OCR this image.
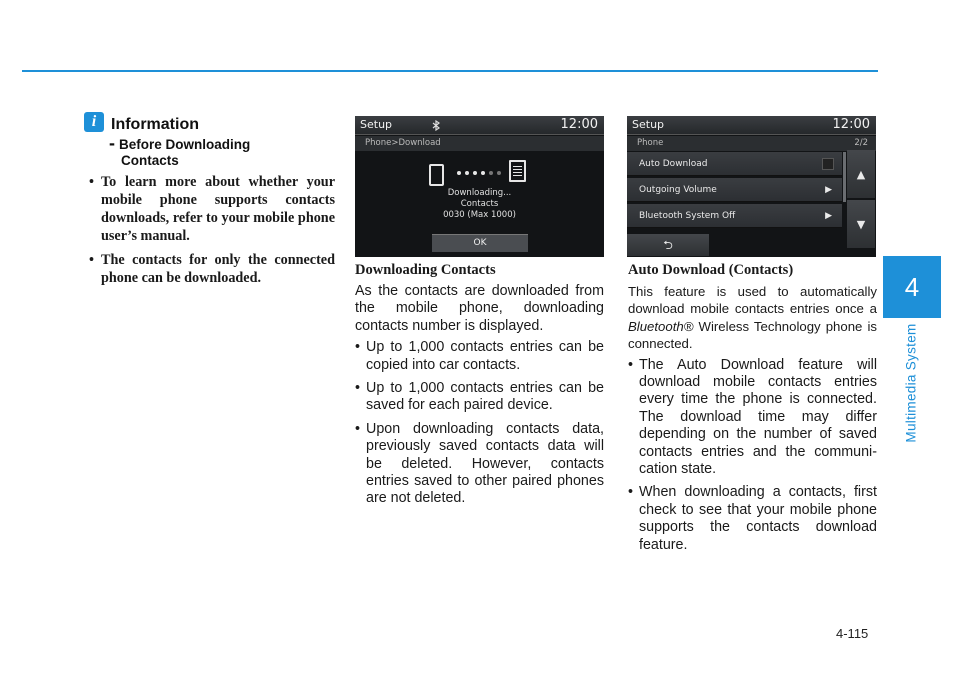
4
Multimedia System
i Information
- Before Downloading
Contacts
• To learn more about whether your mobile phone supports contacts downloads, refer to your mobile phone user’s manual.
• The contacts for only the connected phone can be downloaded.
Setup	12:00
Phone>Download
Downloading...
Contacts
0030 (Max 1000)
OK
Setup	12:00
Phone	2/2
Auto Download
Outgoing Volume	▶
Bluetooth System Off	▶
▲
▼
⮌
Downloading Contacts

As the contacts are downloaded from the mobile phone, downloading contacts number is displayed.

• Up to 1,000 contacts entries can be copied into car contacts.
• Up to 1,000 contacts entries can be saved for each paired device.
• Upon downloading contacts data, previously saved contacts data will be deleted. However, contacts entries saved to other paired phones are not deleted.
Auto Download (Contacts)

This feature is used to automatically download mobile contacts entries once a Bluetooth® Wireless Technology phone is connected.

• The Auto Download feature will download mobile contacts entries every time the phone is connected. The download time may differ depending on the number of saved contacts entries and the communi-cation state.
• When downloading a contacts, first check to see that your mobile phone supports the contacts download feature.
4-115
